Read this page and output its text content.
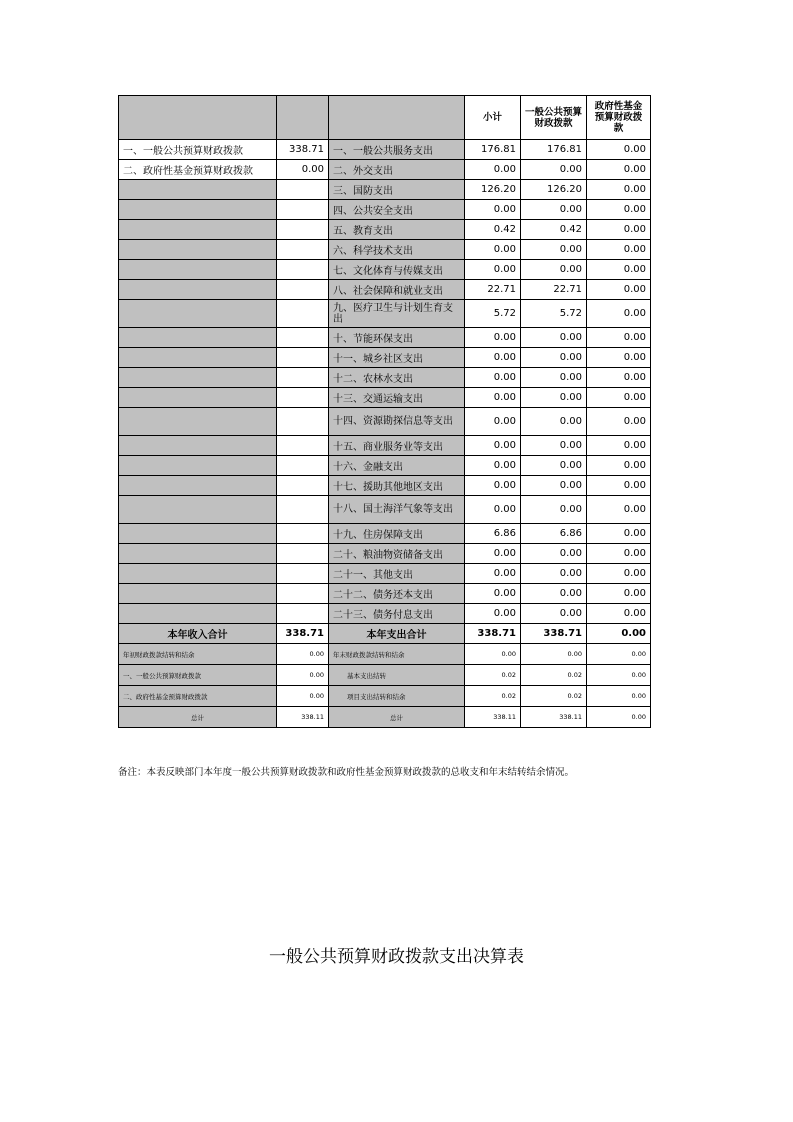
			小计	一般公共预算财政拨款	政府性基金预算财政拨款
一、一般公共预算财政拨款	338.71	一、一般公共服务支出	176.81	176.81	0.00
二、政府性基金预算财政拨款	0.00	二、外交支出	0.00	0.00	0.00
		三、国防支出	126.20	126.20	0.00
		四、公共安全支出	0.00	0.00	0.00
		五、教育支出	0.42	0.42	0.00
		六、科学技术支出	0.00	0.00	0.00
		七、文化体育与传媒支出	0.00	0.00	0.00
		八、社会保障和就业支出	22.71	22.71	0.00
		九、医疗卫生与计划生育支出	5.72	5.72	0.00
		十、节能环保支出	0.00	0.00	0.00
		十一、城乡社区支出	0.00	0.00	0.00
		十二、农林水支出	0.00	0.00	0.00
		十三、交通运输支出	0.00	0.00	0.00
		十四、资源勘探信息等支出	0.00	0.00	0.00
		十五、商业服务业等支出	0.00	0.00	0.00
		十六、金融支出	0.00	0.00	0.00
		十七、援助其他地区支出	0.00	0.00	0.00
		十八、国土海洋气象等支出	0.00	0.00	0.00
		十九、住房保障支出	6.86	6.86	0.00
		二十、粮油物资储备支出	0.00	0.00	0.00
		二十一、其他支出	0.00	0.00	0.00
		二十二、债务还本支出	0.00	0.00	0.00
		二十三、债务付息支出	0.00	0.00	0.00
本年收入合计	338.71	本年支出合计	338.71	338.71	0.00
年初财政拨款结转和结余	0.00	年末财政拨款结转和结余	0.00	0.00	0.00
一、一般公共预算财政拨款	0.00	基本支出结转	0.02	0.02	0.00
二、政府性基金预算财政拨款	0.00	项目支出结转和结余	0.02	0.02	0.00
总计	338.11	总计	338.11	338.11	0.00
备注：本表反映部门本年度一般公共预算财政拨款和政府性基金预算财政拨款的总收支和年末结转结余情况。
一般公共预算财政拨款支出决算表
